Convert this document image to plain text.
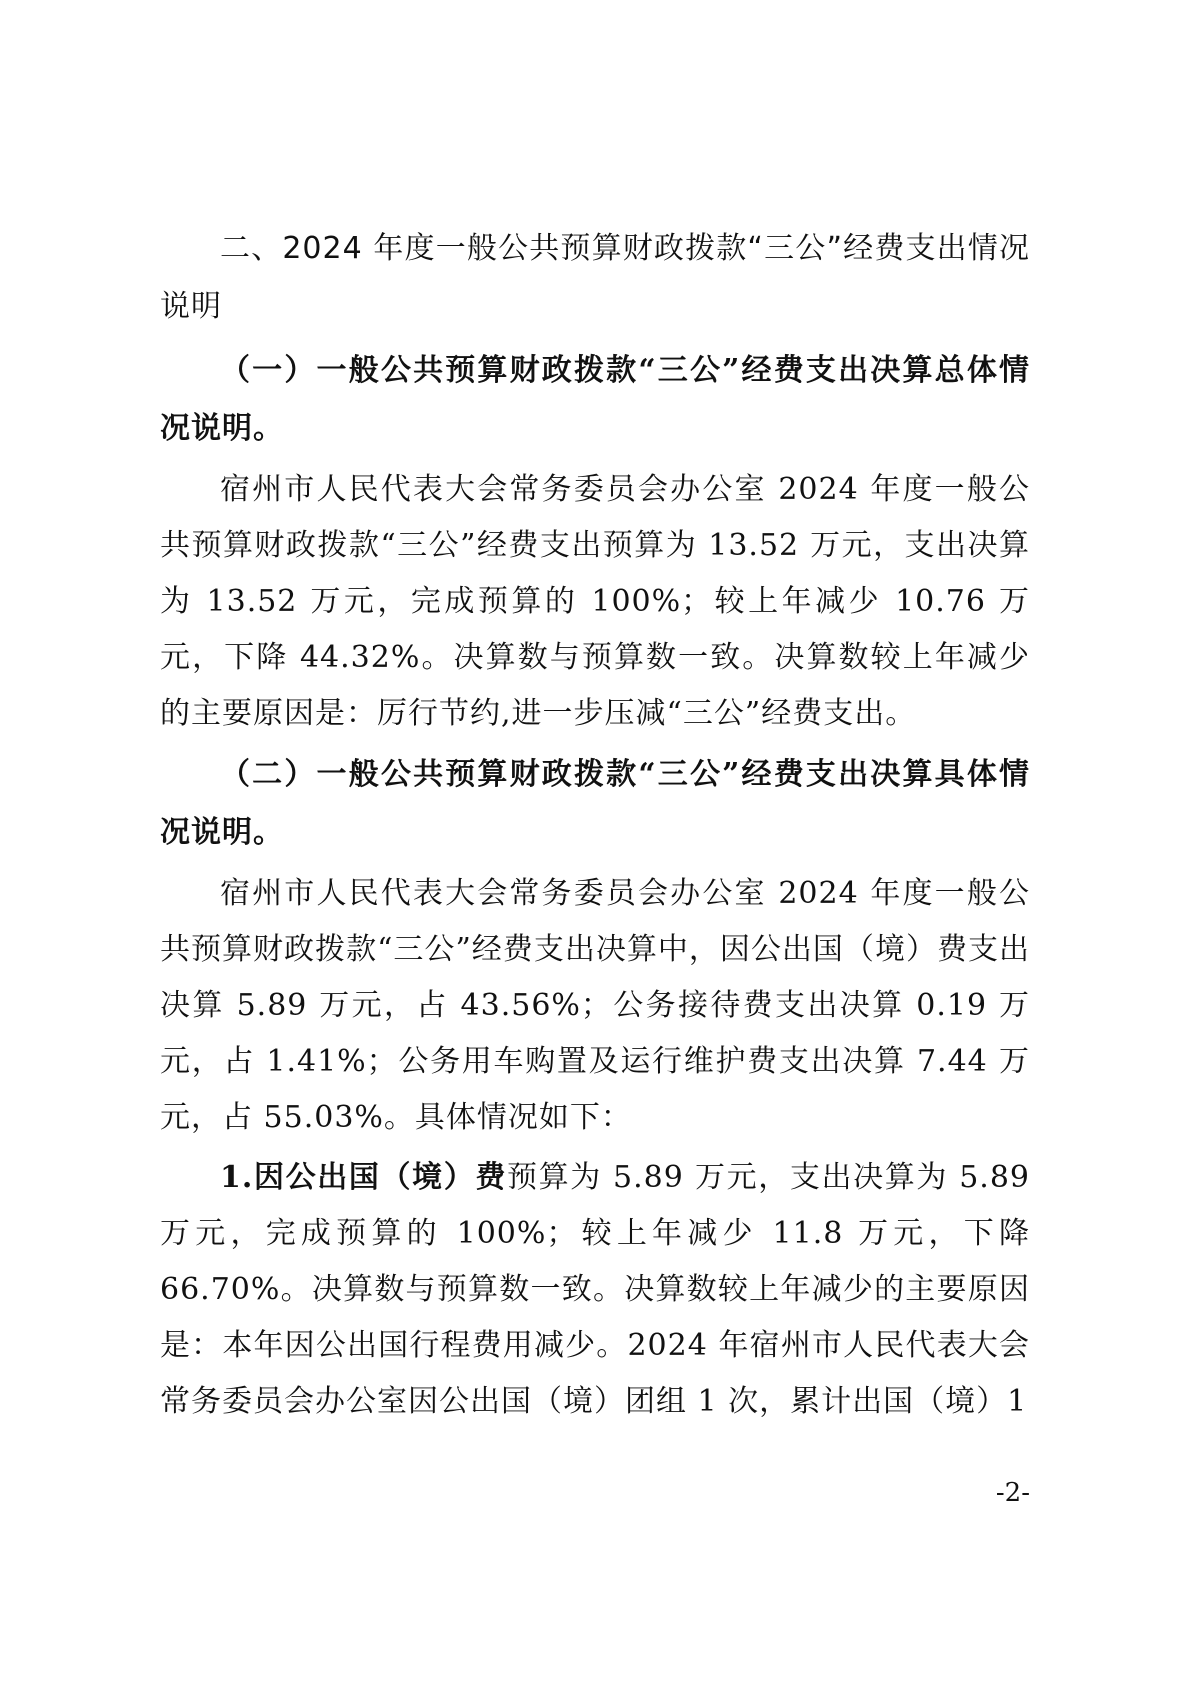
二、2024 年度一般公共预算财政拨款“三公”经费支出情况说明

（一）一般公共预算财政拨款“三公”经费支出决算总体情况说明。

宿州市人民代表大会常务委员会办公室 2024 年度一般公共预算财政拨款“三公”经费支出预算为 13.52 万元，支出决算为 13.52 万元，完成预算的 100%；较上年减少 10.76 万元，下降 44.32%。决算数与预算数一致。决算数较上年减少的主要原因是：厉行节约,进一步压减“三公”经费支出。

（二）一般公共预算财政拨款“三公”经费支出决算具体情况说明。

宿州市人民代表大会常务委员会办公室 2024 年度一般公共预算财政拨款“三公”经费支出决算中，因公出国（境）费支出决算 5.89 万元，占 43.56%；公务接待费支出决算 0.19 万元，占 1.41%；公务用车购置及运行维护费支出决算 7.44 万元，占 55.03%。具体情况如下：

1.因公出国（境）费预算为 5.89 万元，支出决算为 5.89 万元，完成预算的 100%；较上年减少 11.8 万元，下降 66.70%。决算数与预算数一致。决算数较上年减少的主要原因是：本年因公出国行程费用减少。2024 年宿州市人民代表大会常务委员会办公室因公出国（境）团组 1 次，累计出国（境）1

-2-
